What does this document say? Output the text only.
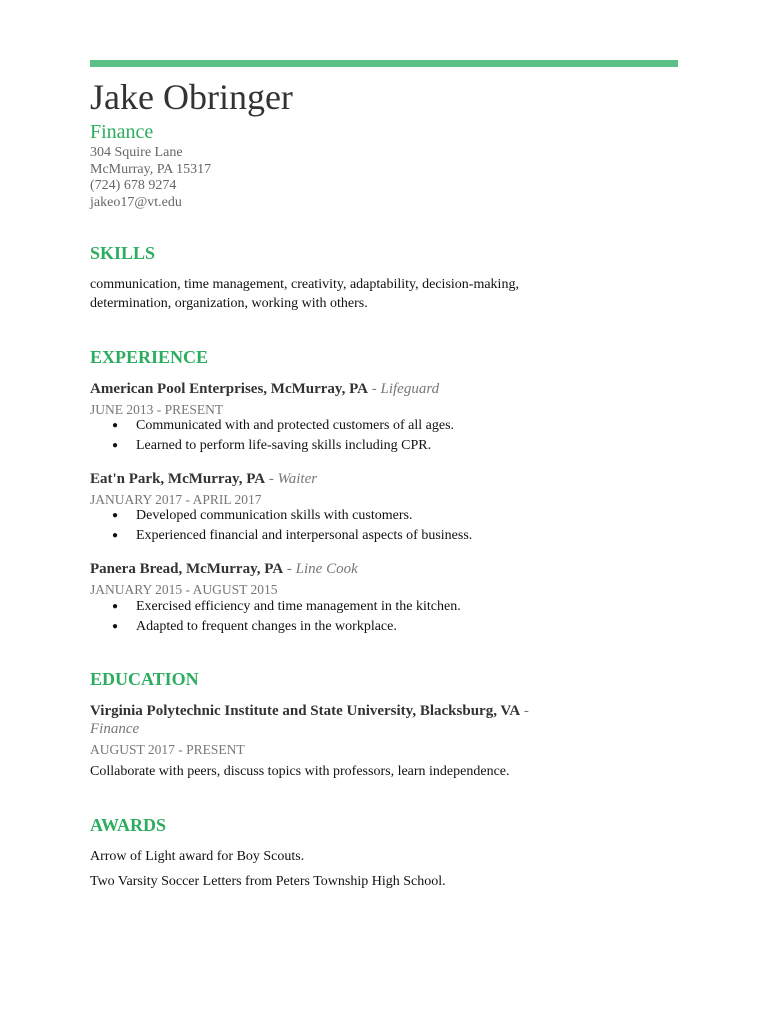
Jake Obringer
Finance
304 Squire Lane
McMurray, PA 15317
(724) 678 9274
jakeo17@vt.edu
SKILLS
communication, time management, creativity, adaptability, decision-making,
determination, organization, working with others.
EXPERIENCE
American Pool Enterprises, McMurray, PA - Lifeguard
JUNE 2013 - PRESENT
● Communicated with and protected customers of all ages.
● Learned to perform life-saving skills including CPR.
Eat'n Park, McMurray, PA - Waiter
JANUARY 2017 - APRIL 2017
● Developed communication skills with customers.
● Experienced financial and interpersonal aspects of business.
Panera Bread, McMurray, PA - Line Cook
JANUARY 2015 - AUGUST 2015
● Exercised efficiency and time management in the kitchen.
● Adapted to frequent changes in the workplace.
EDUCATION
Virginia Polytechnic Institute and State University, Blacksburg, VA -
Finance
AUGUST 2017 - PRESENT
Collaborate with peers, discuss topics with professors, learn independence.
AWARDS
Arrow of Light award for Boy Scouts.
Two Varsity Soccer Letters from Peters Township High School.
